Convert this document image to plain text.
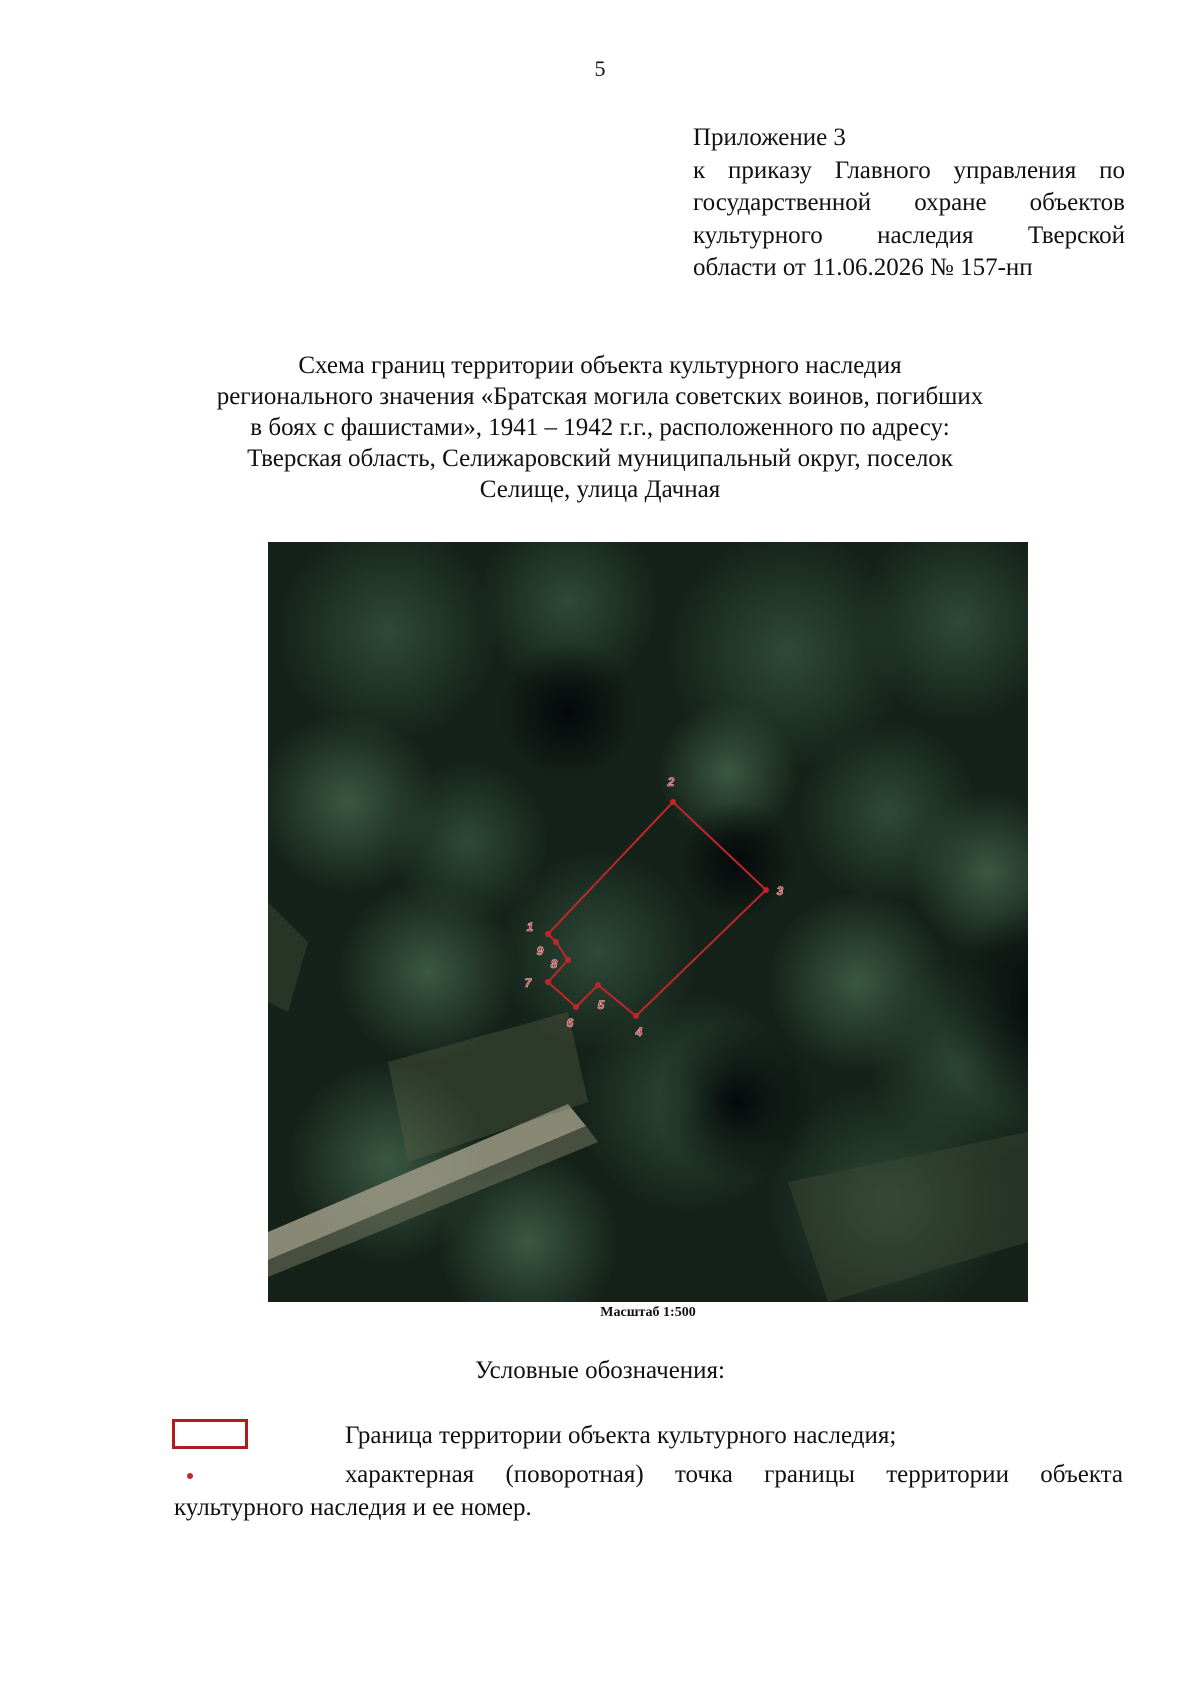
5
Приложение 3
к приказу Главного управления по
государственной охране объектов
культурного наследия Тверской
области от 11.06.2026 № 157-нп
Схема границ территории объекта культурного наследия
регионального значения «Братская могила советских воинов, погибших
в боях с фашистами», 1941 – 1942 г.г., расположенного по адресу:
Тверская область, Селижаровский муниципальный округ, поселок
Селище, улица Дачная
1
2
3
4
5
6
7
8
9
Масштаб 1:500
Условные обозначения:
Граница территории объекта культурного наследия;
характерная (поворотная) точка границы территории объекта культурного наследия и ее номер.
